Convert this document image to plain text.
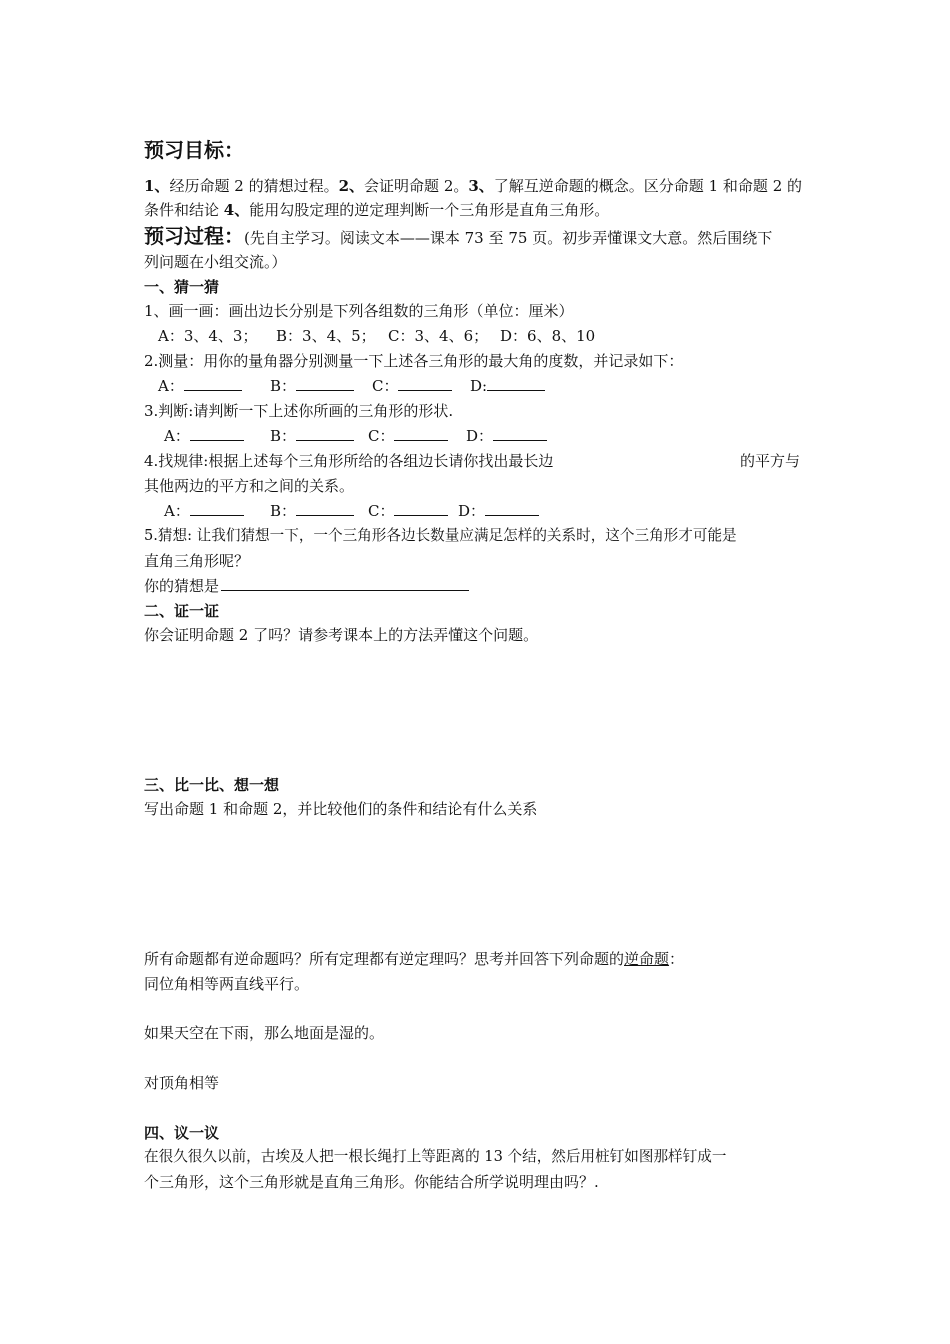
预习目标：
1、经历命题 2 的猜想过程。2、会证明命题 2。3、了解互逆命题的概念。区分命题 1 和命题 2 的
条件和结论 4、能用勾股定理的逆定理判断一个三角形是直角三角形。
预习过程：(先自主学习。阅读文本——课本 73 至 75 页。初步弄懂课文大意。然后围绕下
列问题在小组交流。）
一、猜一猜
1、画一画：画出边长分别是下列各组数的三角形（单位：厘米）
A：3、4、3； B：3、4、5； C：3、4、6； D：6、8、10
2.测量：用你的量角器分别测量一下上述各三角形的最大角的度数，并记录如下：
A：	B：	C：	D:
3.判断:请判断一下上述你所画的三角形的形状.
A：	B：	C：	D：
4.找规律:根据上述每个三角形所给的各组边长请你找出最长边	的平方与
其他两边的平方和之间的关系。
A：	B：	C：	D：
5.猜想: 让我们猜想一下，一个三角形各边长数量应满足怎样的关系时，这个三角形才可能是
直角三角形呢？
你的猜想是
二、证一证
你会证明命题 2 了吗？请参考课本上的方法弄懂这个问题。
三、比一比、想一想
写出命题 1 和命题 2，并比较他们的条件和结论有什么关系
所有命题都有逆命题吗？所有定理都有逆定理吗？思考并回答下列命题的逆命题：
同位角相等两直线平行。
如果天空在下雨，那么地面是湿的。
对顶角相等
四、议一议
在很久很久以前，古埃及人把一根长绳打上等距离的 13 个结，然后用桩钉如图那样钉成一
个三角形，这个三角形就是直角三角形。你能结合所学说明理由吗？.
